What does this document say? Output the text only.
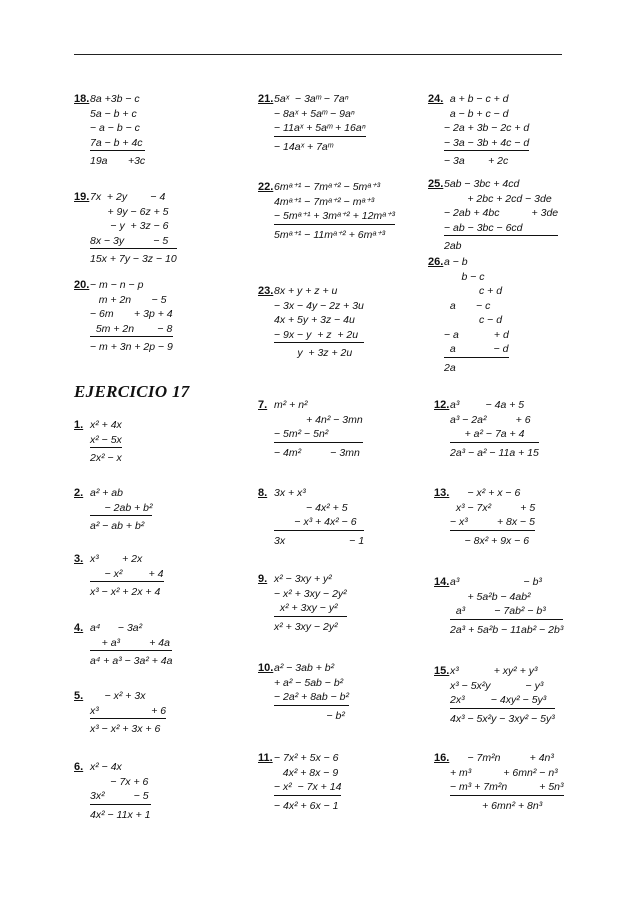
EJERCICIO 17
18. 8a +3b − c
5a − b + c
− a − b − c
7a − b + 4c
19a       +3c
19. 7x  + 2y        − 4
+ 9y − 6z + 5
− y  + 3z − 6
8x − 3y          − 5
15x + 7y − 3z − 10
20. − m − n − p
m + 2n       − 5
− 6m       + 3p + 4
5m + 2n        − 8
− m + 3n + 2p − 9
21. 5aˣ  − 3aᵐ − 7aⁿ
− 8aˣ + 5aᵐ − 9aⁿ
− 11aˣ + 5aᵐ + 16aⁿ
− 14aˣ + 7aᵐ
22. 6mᵃ⁺¹ − 7mᵃ⁺² − 5mᵃ⁺³
4mᵃ⁺¹ − 7mᵃ⁺² − mᵃ⁺³
− 5mᵃ⁺¹ + 3mᵃ⁺² + 12mᵃ⁺³
5mᵃ⁺¹ − 11mᵃ⁺² + 6mᵃ⁺³
23. 8x + y + z + u
− 3x − 4y − 2z + 3u
4x + 5y + 3z − 4u
− 9x − y  + z  + 2u
y  + 3z + 2u
24. a + b − c + d
a − b + c − d
− 2a + 3b − 2c + d
− 3a − 3b + 4c − d
− 3a        + 2c
25. 5ab − 3bc + 4cd
+ 2bc + 2cd − 3de
− 2ab + 4bc           + 3de
− ab − 3bc − 6cd
2ab
26. a − b
b − c
c + d
a       − c
c − d
− a            + d
a             − d
2a
1. x² + 4x
x² − 5x
2x² − x
2. a² + ab
− 2ab + b²
a² − ab + b²
3. x³        + 2x
− x²         + 4
x³ − x² + 2x + 4
4. a⁴      − 3a²
+ a³          + 4a
a⁴ + a³ − 3a² + 4a
5. − x² + 3x
x³                  + 6
x³ − x² + 3x + 6
6. x² − 4x
− 7x + 6
3x²          − 5
4x² − 11x + 1
7. m² + n²
+ 4n² − 3mn
− 5m² − 5n²
− 4m²          − 3mn
8. 3x + x³
− 4x² + 5
− x³ + 4x² − 6
3x                      − 1
9. x² − 3xy + y²
− x² + 3xy − 2y²
x² + 3xy − y²
x² + 3xy − 2y²
10. a² − 3ab + b²
+ a² − 5ab − b²
− 2a² + 8ab − b²
− b²
11. − 7x² + 5x − 6
4x² + 8x − 9
− x²  − 7x + 14
− 4x² + 6x − 1
12. a³         − 4a + 5
a³ − 2a²          + 6
+ a² − 7a + 4
2a³ − a² − 11a + 15
13. − x² + x − 6
x³ − 7x²          + 5
− x³          + 8x − 5
− 8x² + 9x − 6
14. a³                      − b³
+ 5a²b − 4ab²
a³          − 7ab² − b³
2a³ + 5a²b − 11ab² − 2b³
15. x³            + xy² + y³
x³ − 5x²y            − y³
2x³         − 4xy² − 5y³
4x³ − 5x²y − 3xy² − 5y³
16. − 7m²n          + 4n³
+ m³           + 6mn² − n³
− m³ + 7m²n           + 5n³
+ 6mn² + 8n³
